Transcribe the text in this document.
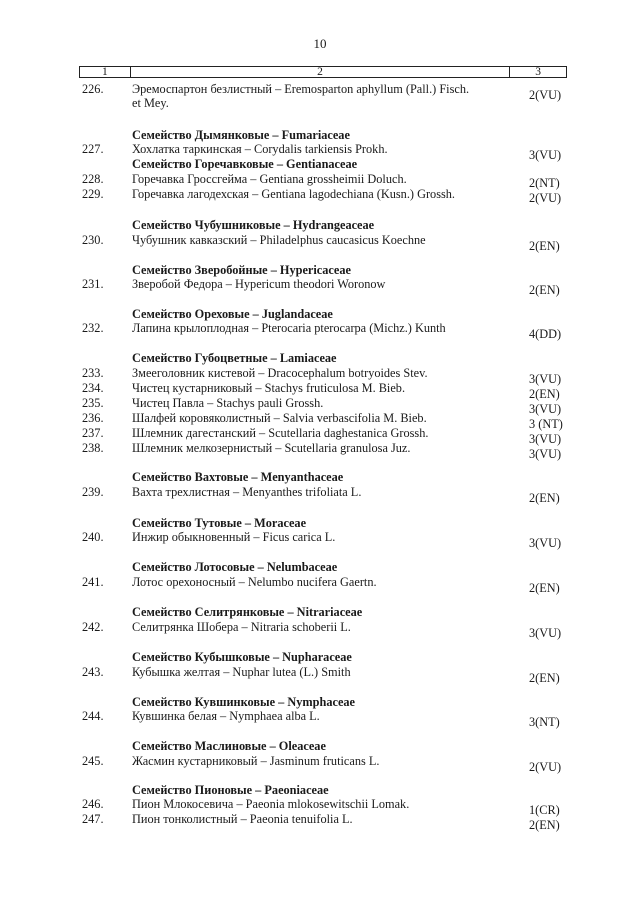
10
1	2	3
226.	Эремоспартон безлистный – Eremosparton aphyllum (Pall.) Fisch.	2(VU)
et Mey.
Семейство Дымянковые – Fumariaceae
227.	Хохлатка таркинская – Corydalis tarkiensis Prokh.	3(VU)
Семейство Горечавковые – Gentianaceae
228.	Горечавка Гроссгейма – Gentiana grossheimii Doluch.	2(NT)
229.	Горечавка лагодехская – Gentiana lagodechiana (Kusn.) Grossh.	2(VU)
Семейство Чубушниковые – Hydrangeaceae
230.	Чубушник кавказский – Philadelphus caucasicus Koechne	2(EN)
Семейство Зверобойные – Hypericaceae
231.	Зверобой Федора – Hypericum theodori Woronow	2(EN)
Семейство Ореховые – Juglandaceae
232.	Лапина крылоплодная – Pterocaria pterocarpa (Michz.) Kunth	4(DD)
Семейство Губоцветные – Lamiaceae
233.	Змееголовник кистевой – Dracocephalum botryoides Stev.	3(VU)
234.	Чистец кустарниковый – Stachys fruticulosa M. Bieb.	2(EN)
235.	Чистец Павла – Stachys pauli Grossh.	3(VU)
236.	Шалфей коровяколистный – Salvia verbascifolia M. Bieb.	3 (NT)
237.	Шлемник дагестанский – Scutellaria daghestanica Grossh.	3(VU)
238.	Шлемник мелкозернистый – Scutellaria granulosa Juz.	3(VU)
Семейство Вахтовые – Menyanthaceae
239.	Вахта трехлистная – Menyanthes trifoliata L.	2(EN)
Семейство Тутовые – Moraceae
240.	Инжир обыкновенный – Ficus carica L.	3(VU)
Семейство Лотосовые – Nelumbaceae
241.	Лотос орехоносный – Nelumbo nucifera Gaertn.	2(EN)
Семейство Селитрянковые – Nitrariaceae
242.	Селитрянка Шобера – Nitraria schoberii L.	3(VU)
Семейство Кубышковые – Nupharaceae
243.	Кубышка желтая – Nuphar lutea (L.) Smith	2(EN)
Семейство Кувшинковые – Nymphaceae
244.	Кувшинка белая – Nymphaea alba L.	3(NT)
Семейство Маслиновые – Oleaceae
245.	Жасмин кустарниковый – Jasminum fruticans L.	2(VU)
Семейство Пионовые – Paeoniaceae
246.	Пион Млокосевича – Paeonia mlokosewitschii Lomak.	1(CR)
247.	Пион тонколистный – Paeonia tenuifolia L.	2(EN)
